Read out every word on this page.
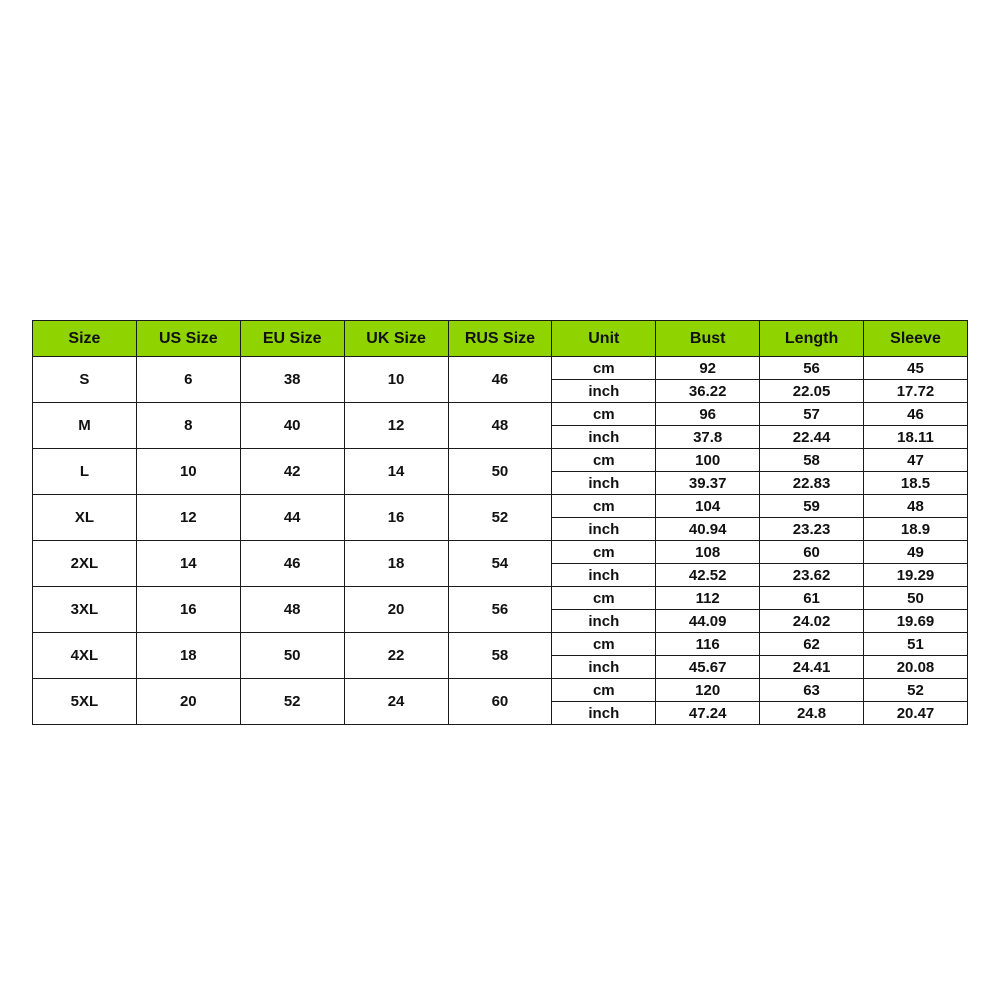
Size	US Size	EU Size	UK Size	RUS Size	Unit	Bust	Length	Sleeve
S	6	38	10	46	cm	92	56	45
					inch	36.22	22.05	17.72
M	8	40	12	48	cm	96	57	46
					inch	37.8	22.44	18.11
L	10	42	14	50	cm	100	58	47
					inch	39.37	22.83	18.5
XL	12	44	16	52	cm	104	59	48
					inch	40.94	23.23	18.9
2XL	14	46	18	54	cm	108	60	49
					inch	42.52	23.62	19.29
3XL	16	48	20	56	cm	112	61	50
					inch	44.09	24.02	19.69
4XL	18	50	22	58	cm	116	62	51
					inch	45.67	24.41	20.08
5XL	20	52	24	60	cm	120	63	52
					inch	47.24	24.8	20.47
